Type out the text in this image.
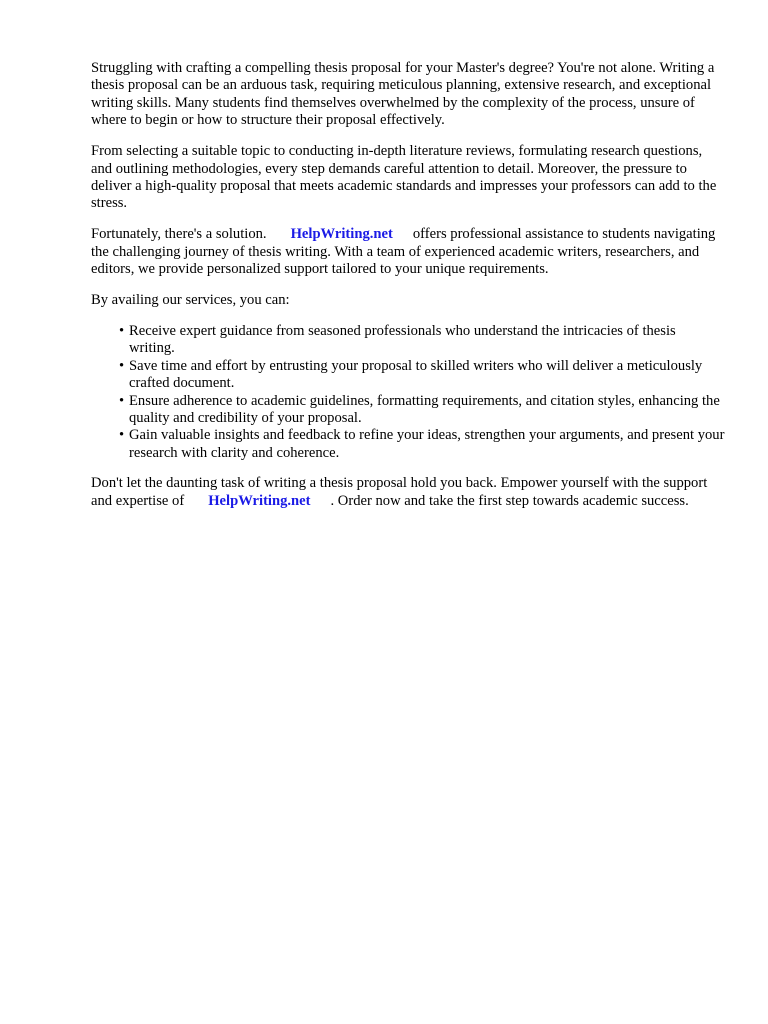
Struggling with crafting a compelling thesis proposal for your Master's degree? You're not alone. Writing a thesis proposal can be an arduous task, requiring meticulous planning, extensive research, and exceptional writing skills. Many students find themselves overwhelmed by the complexity of the process, unsure of where to begin or how to structure their proposal effectively.

From selecting a suitable topic to conducting in-depth literature reviews, formulating research questions, and outlining methodologies, every step demands careful attention to detail. Moreover, the pressure to deliver a high-quality proposal that meets academic standards and impresses your professors can add to the stress.

Fortunately, there's a solution. HelpWriting.net offers professional assistance to students navigating the challenging journey of thesis writing. With a team of experienced academic writers, researchers, and editors, we provide personalized support tailored to your unique requirements.

By availing our services, you can:

• Receive expert guidance from seasoned professionals who understand the intricacies of thesis writing.
• Save time and effort by entrusting your proposal to skilled writers who will deliver a meticulously crafted document.
• Ensure adherence to academic guidelines, formatting requirements, and citation styles, enhancing the quality and credibility of your proposal.
• Gain valuable insights and feedback to refine your ideas, strengthen your arguments, and present your research with clarity and coherence.

Don't let the daunting task of writing a thesis proposal hold you back. Empower yourself with the support and expertise of HelpWriting.net . Order now and take the first step towards academic success.
